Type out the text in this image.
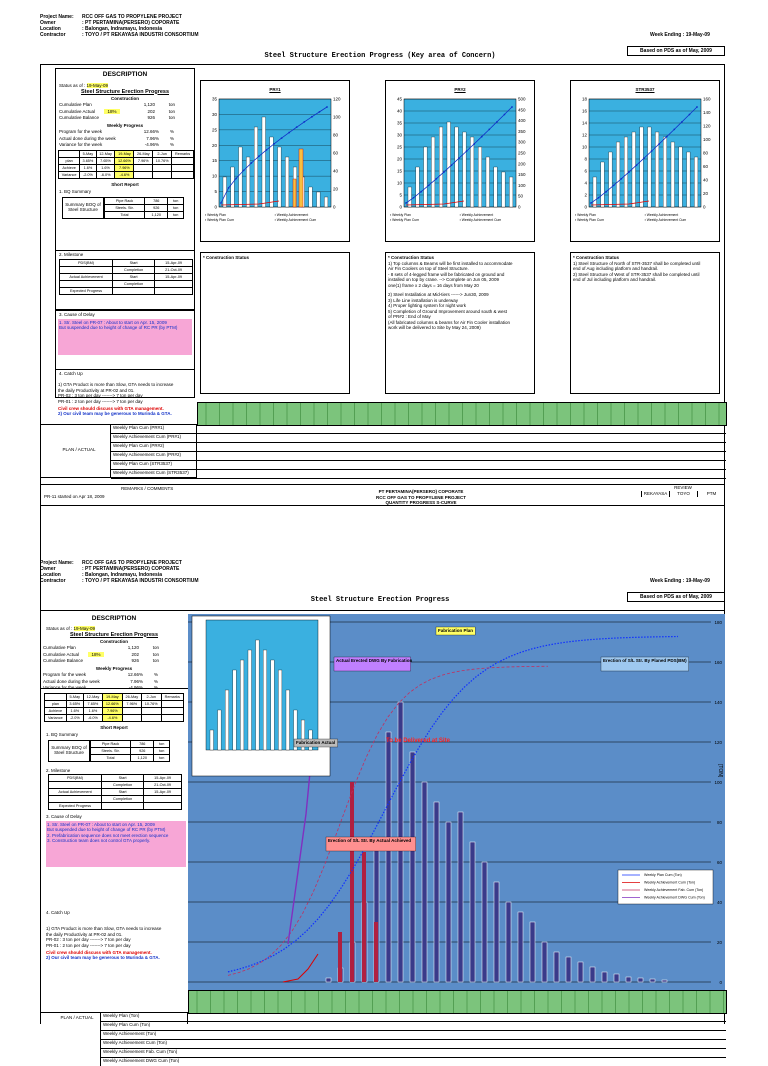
Project Name: RCC OFF GAS TO PROPYLENE PROJECT
Owner	: PT PERTAMINA(PERSERO) COPORATE
Location	: Balongan, Indramayu, Indonesia
Contractor	: TOYO / PT REKAYASA INDUSTRI CONSORTIUM	Week Ending : 19-May-09
Based on PDS as of May, 2009
Steel Structure Erection Progress (Key area of Concern)
DESCRIPTION
Status as of : 19-May-09
Steel Structure Erection Progress
Construction
Cumulative Plan	1,120	ton
Cumulative Actual	18%	202	ton
Cumulative Balance	926	ton
Weekly Progress
Program for the week	12.66%	%
Actual done during the week	7.96%	%
Variance for the week	-4.96%	%
	5-May	12-May	19-May	26-May	2-Jun	Remarks
plan	3.65%	7.65%	12.66%	7.96%	10.76%	
Achieve	1.6%	1.6%	7.96%			
Variance	-2.0%	-6.0%	-4.6%			
Short Report
1. BQ Summary
Summary BOQ of Steel Structure
Pipe Rack	786	ton
Steels. Str.	926	ton
Total	1,120	ton
2. Milestone
PDS(BM)	Start	15-Apr-09
	Completion	21-Oct-09
Actual Achievement	Start	15-Apr-09
	Completion	
Expected Progress		
3. Cause of Delay
1. Str. Steel on PR-07 : About to start on Apr. 15, 2009
But suspended due to height of change of RC PR (by PTM)
4. Catch Up
1) GTA Product is more than Slow, GTA needs to increase
the daily Productivity at PR-02 and 01.
PR-02 : 3 ton per day -------> 7 ton per day
PR-01 : 2 ton per day -------> 7 ton per day
Civil crew should discuss with GTA management.
2) Our civil team may be generous to Murinda & GTA.
PR#1
35
30
25
20
15
10
5
0
120
100
80
60
40
20
0
▪ Weekly Plan	▪ Weekly Achievement
▪ Weekly Plan Cum	▪ Weekly Achievement Cum
PR#2
45
40
35
30
25
20
15
10
5
0
500
450
400
350
300
250
200
150
100
50
0
▪ Weekly Plan	▪ Weekly Achievement
▪ Weekly Plan Cum	▪ Weekly Achievement Cum
STR3537
18
16
14
12
10
8
6
4
2
0
160
140
120
100
80
60
40
20
0
▪ Weekly Plan	▪ Weekly Achievement
▪ Weekly Plan Cum	▪ Weekly Achievement Cum
* Construction Status	* Construction Status
1) Top columns & Beams will be first installed to accommodate
Air Fin Coolers on top of Steel Structure.
- 8 sets of 4-legged frame will be fabricated on ground and
installed on top by crane. --> Complete on Jun 05, 2009
one(1) frame x 2 days = 16 days from May 20
2) Steel Installation at Mid-tiers ------> Jun30, 2009
3) Life Line installation is underway
4) Proper lighting system for night work
5) Completion of Ground Improvement around south & west
of PR#2 : End of May
(All fabricated columns & beams for Air Fin Cooler installation
work will be delivered to Site by May 24, 2009)
* Construction Status
1) Steel Structure of North of STR-3537 shall be completed until
end of Aug including platform and handrail.
2) Steel Structure of West of STR-3537 shall be completed until
end of Jul including platform and handrail.
PLAN / ACTUAL
Weekly Plan Cum (PR#1)
Weekly Achievement Cum (PR#1)
Weekly Plan Cum (PR#2)
Weekly Achievement Cum (PR#2)
Weekly Plan Cum (STR3537)
Weekly Achievement Cum (STR3537)
REMARKS / COMMENTS
PR-11 started on Apr 18, 2009
PT PERTAMINA(PERSERO) COPORATE
RCC OFF GAS TO PROPYLENE PROJECT
QUANTITY PROGRESS S-CURVE
REVIEW
REKAYASA	TOYO	PTM
Project Name: RCC OFF GAS TO PROPYLENE PROJECT
Owner	: PT PERTAMINA(PERSERO) COPORATE
Location	: Balongan, Indramayu, Indonesia
Contractor	: TOYO / PT REKAYASA INDUSTRI CONSORTIUM	Week Ending : 19-May-09
Based on PDS as of May, 2009
Steel Structure Erection Progress
DESCRIPTION
Status as of : 19-May-09
Steel Structure Erection Progress
Construction
Cumulative Plan	1,120	ton
Cumulative Actual	18%	202	ton
Cumulative Balance	926	ton
Weekly Progress
Program for the week	12.66%	%
Actual done during the week	7.96%	%
Variance for the week	-4.96%	%
	5-May	12-May	19-May	26-May	2-Jun	Remarks
plan	3.65%	7.65%	12.66%	7.96%	10.76%	
Achieve	1.6%	1.6%	7.96%			
Variance	-2.0%	-6.0%	-4.6%			
Short Report
1. BQ Summary
Summary BOQ of Steel Structure
Pipe Rack	786	ton
Steels. Str.	926	ton
Total	1,120	ton
2. Milestone
PDS(BM)	Start	15-Apr-09
	Completion	21-Oct-09
Actual Achievement	Start	15-Apr-09
	Completion	
Expected Progress		
3. Cause of Delay
1. Str. Steel on PR-07 : About to start on Apr. 15, 2009
But suspended due to height of change of RC PR (by PTM)
2. Prefabrication sequence does not meet erection sequence
3. Construction team does not control GTA properly.
4. Catch Up
1) GTA Product is more than Slow, GTA needs to increase
the daily Productivity at PR-02 and 01.
PR-02 : 3 ton per day -------> 7 ton per day
PR-01 : 2 ton per day -------> 7 ton per day
Civil crew should discuss with GTA management.
2) Our civil team may be generous to Murinda & GTA.
180
160
140
120
100
80
60
40
20
0
[TON]
Fabrication Plan
Actual Erected DWG By Fabrication
To be Delivered at Site
Erection of S/L Str. By Planed PDS(BM)
Fabrication Actual
Erection of S/L Str. By Actual Achieved
Weekly Plan Cum (Ton)
Weekly Achievement Cum (Ton)
Weekly Achievement Fab. Cum (Ton)
Weekly Achievement DWG Cum (Ton)
PLAN / ACTUAL	Weekly Plan (Ton)
Weekly Plan Cum (Ton)
Weekly Achievement (Ton)
Weekly Achievement Cum (Ton)
Weekly Achievement Fab. Cum (Ton)
Weekly Achievement DWG Cum (Ton)
